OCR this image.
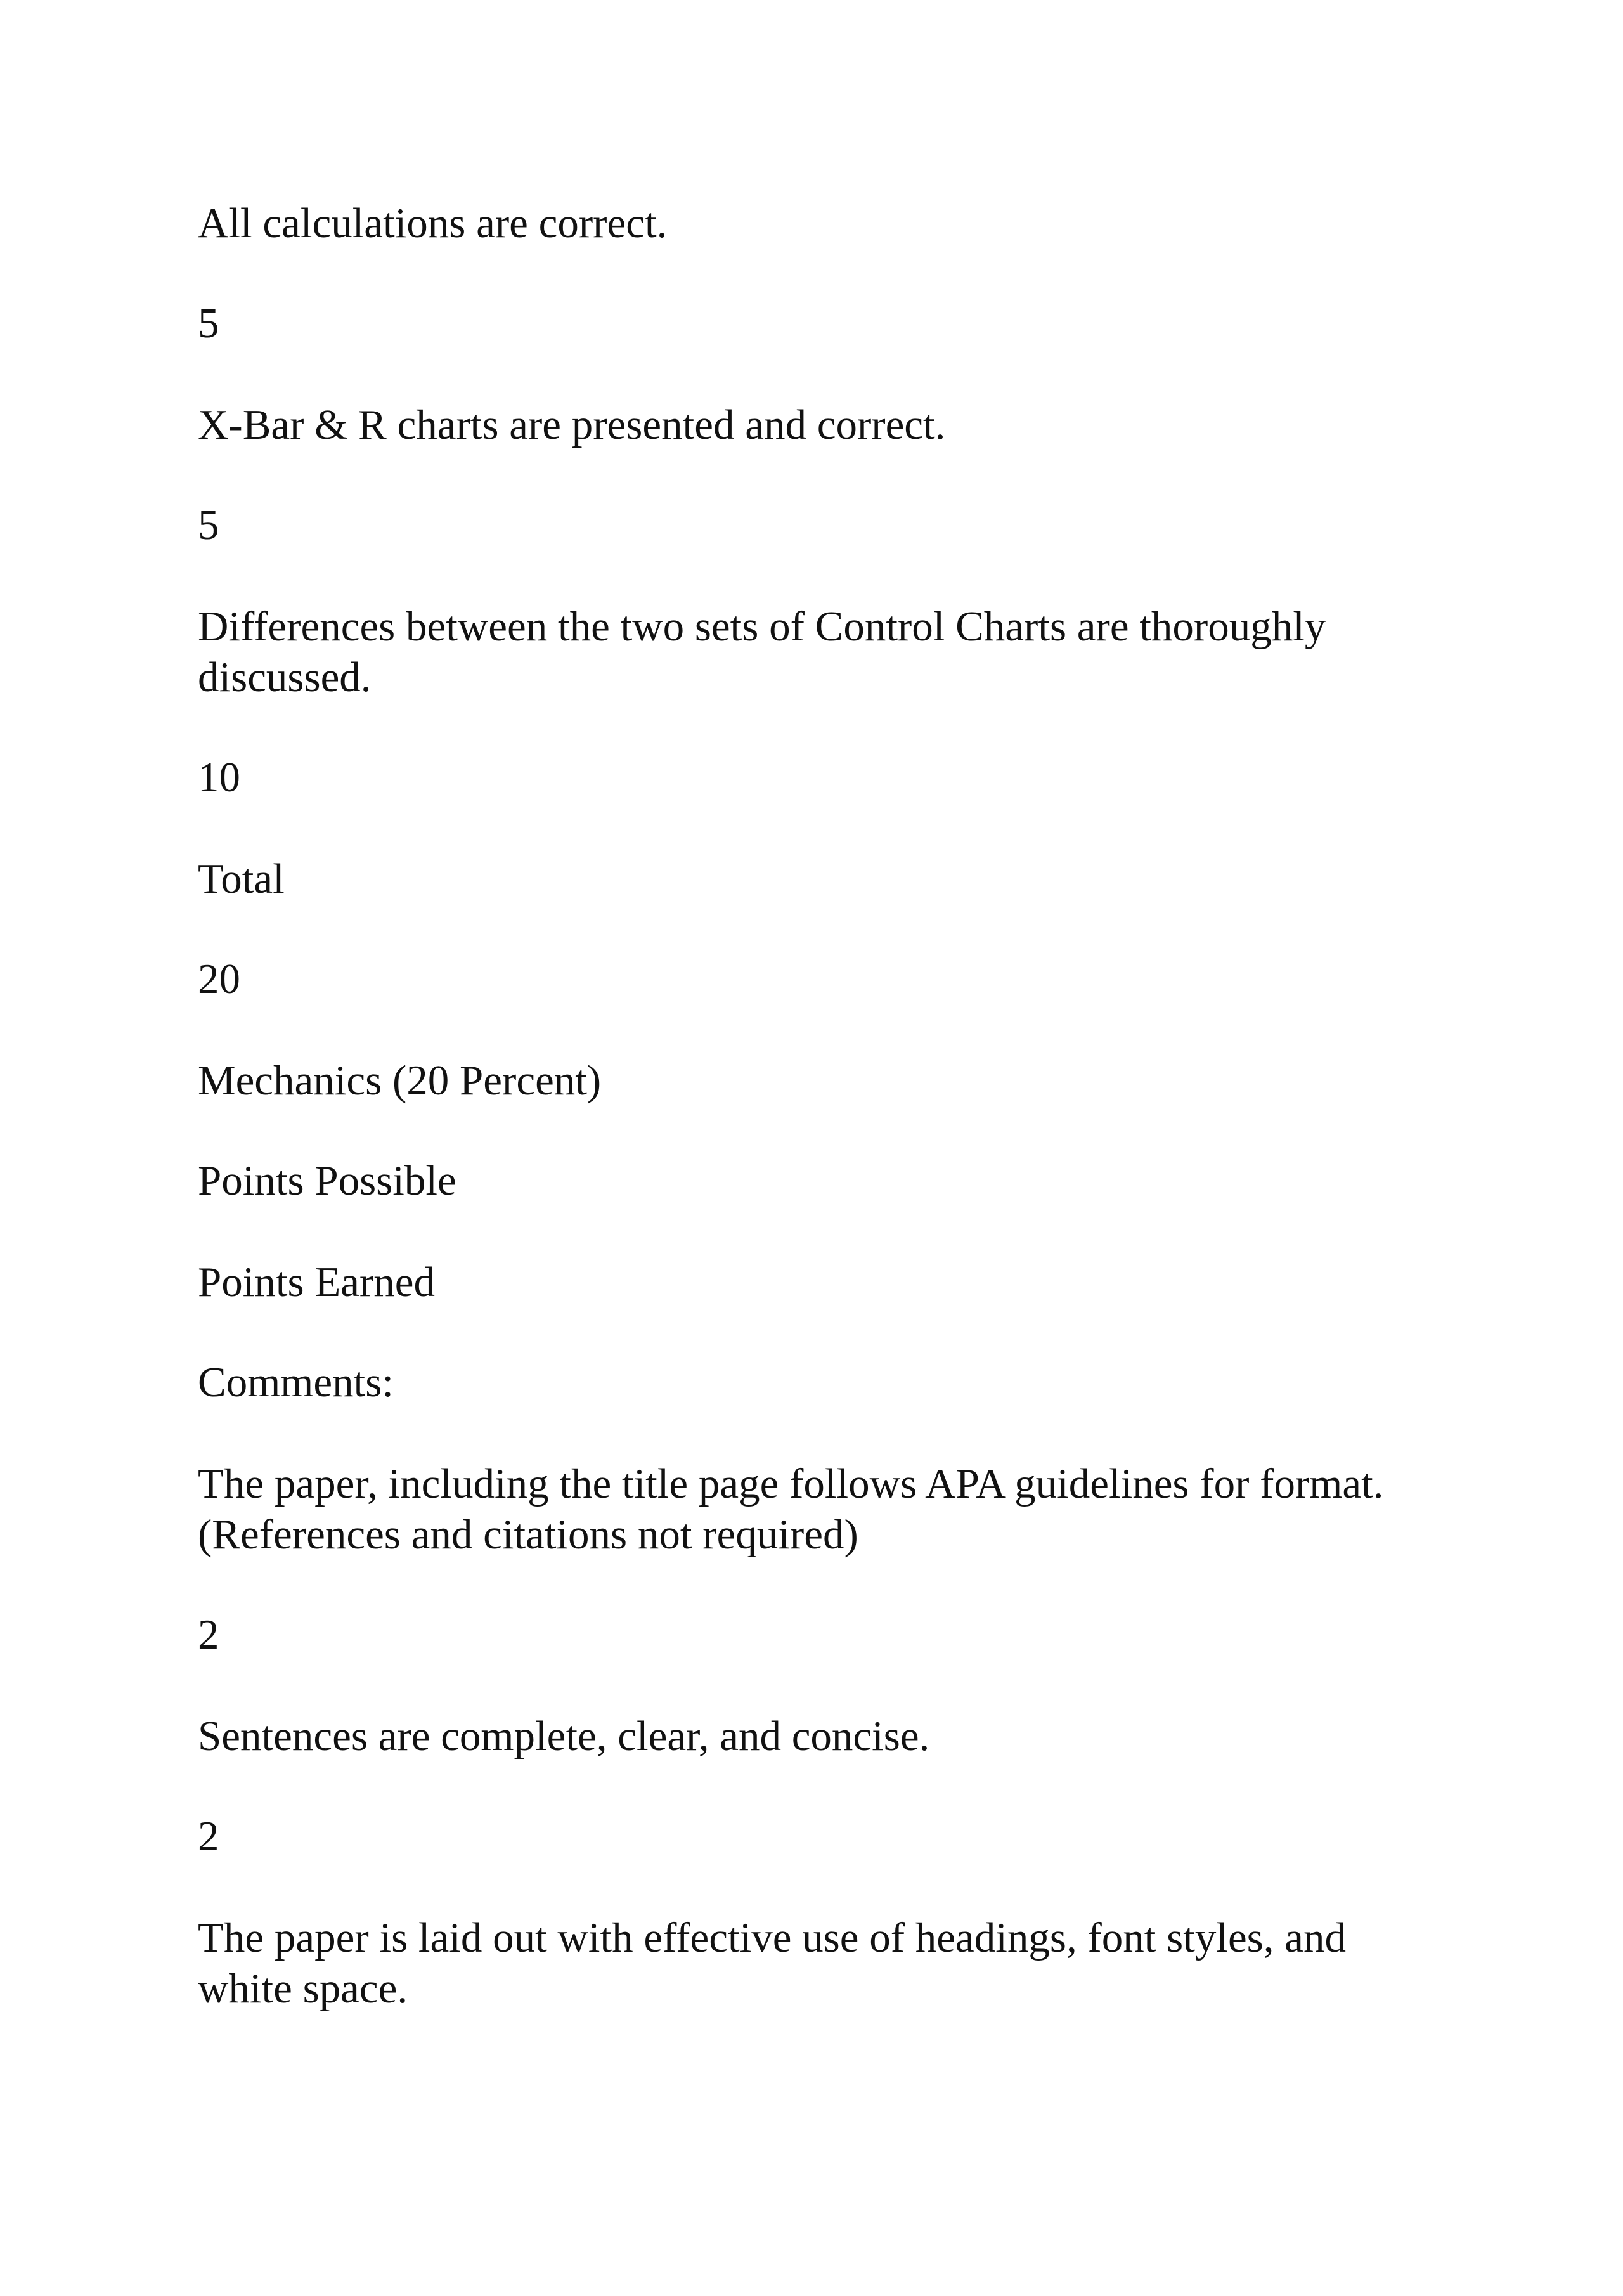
All calculations are correct.

5

X-Bar & R charts are presented and correct.

5

Differences between the two sets of Control Charts are thoroughly discussed.

10

Total

20

Mechanics (20 Percent)

Points Possible

Points Earned

Comments:

The paper, including the title page follows APA guidelines for format. (References and citations not required)

2

Sentences are complete, clear, and concise.

2

The paper is laid out with effective use of headings, font styles, and white space.
